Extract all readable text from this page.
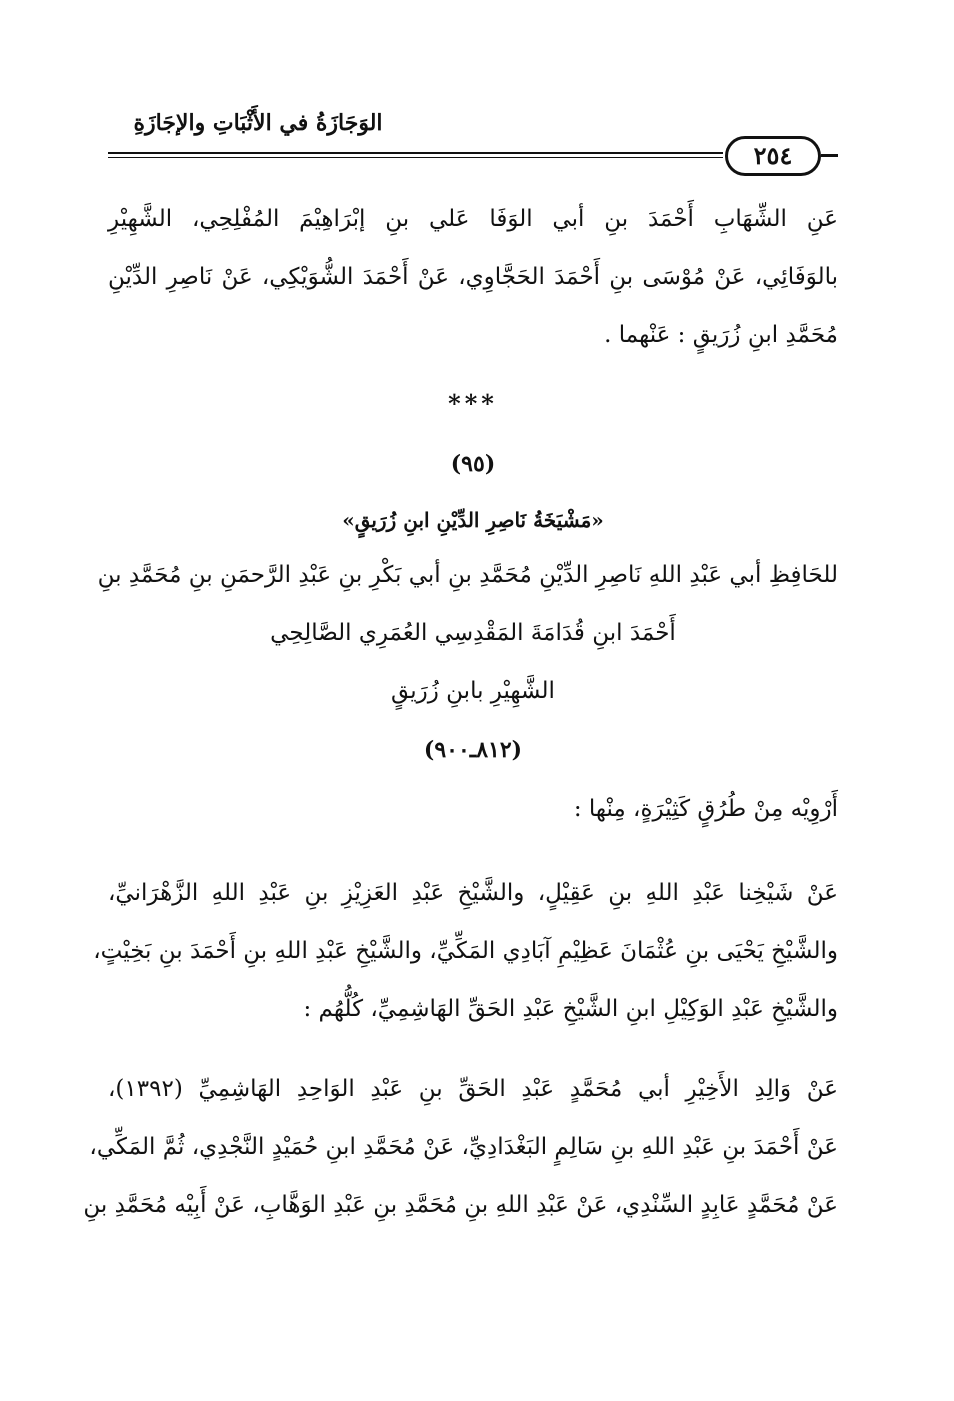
الوَجَازَةُ في الأَثْبَاتِ والإجَازَةِ
٢٥٤

عَنِ الشِّهَابِ أَحْمَدَ بنِ أبي الوَفَا عَلي بنِ إبْرَاهِيْمَ المُفْلِحِي، الشَّهِيْرِ
بالوَفَائِي، عَنْ مُوْسَى بنِ أَحْمَدَ الحَجَّاوِي، عَنْ أَحْمَدَ الشُّوَيْكِي، عَنْ نَاصِرِ الدِّيْنِ
مُحَمَّدِ ابنِ زُرَيقٍ : عَنْهما .

***
(٩٥)
«مَشْيَخَةُ نَاصِرِ الدِّيْنِ ابنِ زُرَيقٍ»
للحَافِظِ أبي عَبْدِ اللهِ نَاصِرِ الدِّيْنِ مُحَمَّدِ بنِ أبي بَكْرِ بنِ عَبْدِ الرَّحمَنِ بنِ مُحَمَّدِ بنِ
أَحْمَدَ ابنِ قُدَامَةَ المَقْدِسِي العُمَرِي الصَّالِحِي
الشَّهِيْرِ بابنِ زُرَيقٍ
(٨١٢ـ٩٠٠)
أَرْوِيْه مِنْ طُرُقٍ كَثِيْرَةٍ، مِنْها :

عَنْ شَيْخِنا عَبْدِ اللهِ بنِ عَقِيْلٍ، والشَّيْخِ عَبْدِ العَزِيْزِ بنِ عَبْدِ اللهِ الزَّهْرَانيِّ،
والشَّيْخِ يَحْيَى بنِ عُثْمَانَ عَظِيْمِ آبَادِي المَكِّيِّ، والشَّيْخِ عَبْدِ اللهِ بنِ أَحْمَدَ بنِ بَخِيْتٍ،
والشَّيْخِ عَبْدِ الوَكِيْلِ ابنِ الشَّيْخِ عَبْدِ الحَقِّ الهَاشِمِيِّ، كُلُّهُم :

عَنْ وَالِدِ الأَخِيْرِ أبي مُحَمَّدٍ عَبْدِ الحَقِّ بنِ عَبْدِ الوَاحِدِ الهَاشِمِيِّ (١٣٩٢)،
عَنْ أَحْمَدَ بنِ عَبْدِ اللهِ بنِ سَالِمٍ البَغْدَادِيِّ، عَنْ مُحَمَّدِ ابنِ حُمَيْدٍ النَّجْدِي، ثُمَّ المَكِّي،
عَنْ مُحَمَّدٍ عَابِدٍ السِّنْدِي، عَنْ عَبْدِ اللهِ بنِ مُحَمَّدِ بنِ عَبْدِ الوَهَّابِ، عَنْ أَبِيْه مُحَمَّدِ بنِ
